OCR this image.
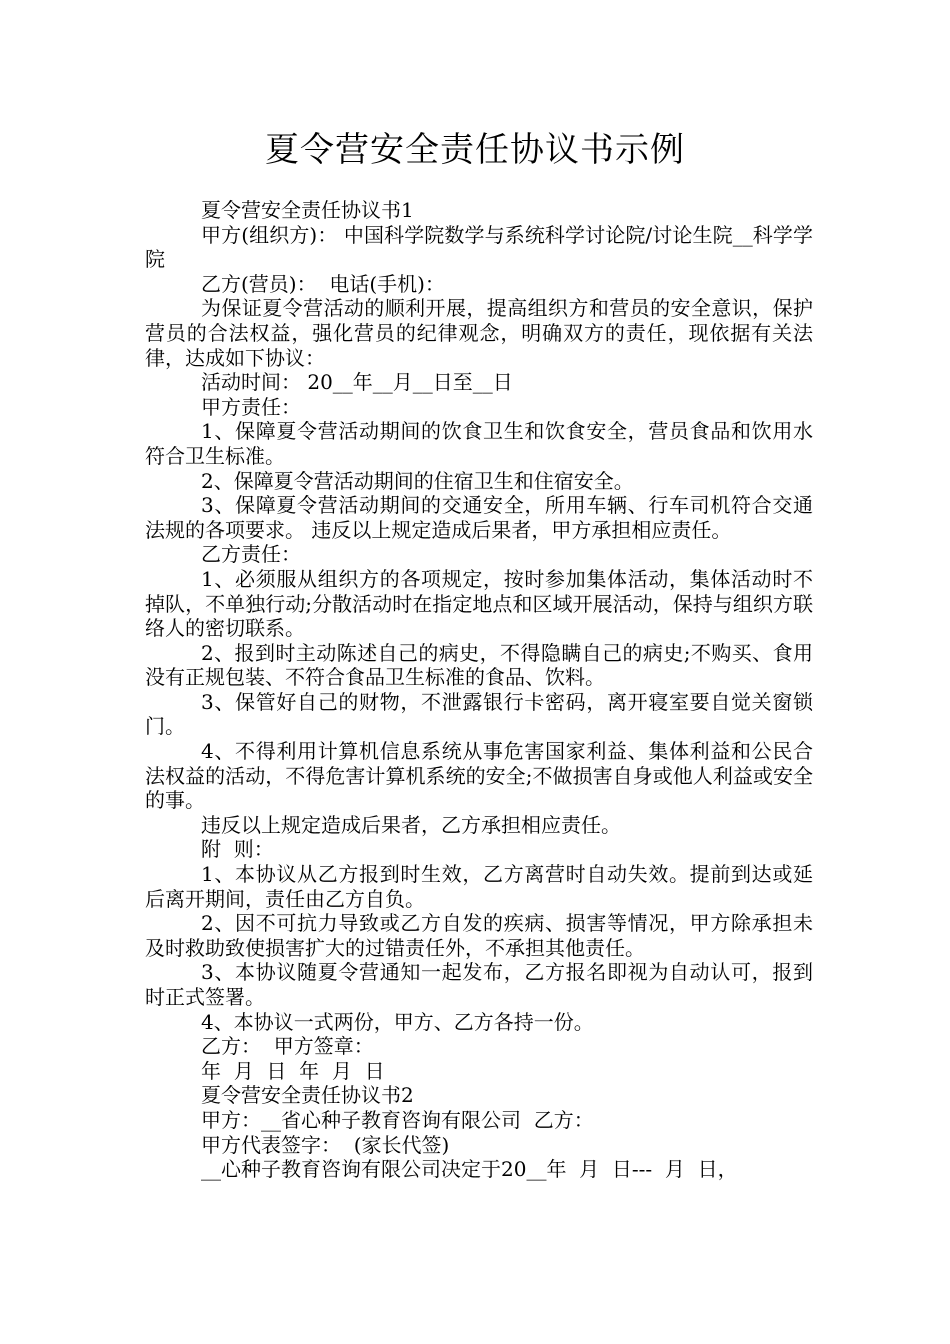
夏令营安全责任协议书示例

夏令营安全责任协议书1

甲方(组织方)： 中国科学院数学与系统科学讨论院/讨论生院__科学学院

乙方(营员)：  电话(手机)：

为保证夏令营活动的顺利开展，提高组织方和营员的安全意识，保护营员的合法权益，强化营员的纪律观念，明确双方的责任，现依据有关法律，达成如下协议：

活动时间： 20__年__月__日至__日

甲方责任：

1、保障夏令营活动期间的饮食卫生和饮食安全，营员食品和饮用水符合卫生标准。

2、保障夏令营活动期间的住宿卫生和住宿安全。

3、保障夏令营活动期间的交通安全，所用车辆、行车司机符合交通法规的各项要求。 违反以上规定造成后果者，甲方承担相应责任。

乙方责任：

1、必须服从组织方的各项规定，按时参加集体活动，集体活动时不掉队，不单独行动;分散活动时在指定地点和区域开展活动，保持与组织方联络人的密切联系。

2、报到时主动陈述自己的病史，不得隐瞒自己的病史;不购买、食用没有正规包装、不符合食品卫生标准的食品、饮料。

3、保管好自己的财物，不泄露银行卡密码，离开寝室要自觉关窗锁门。

4、不得利用计算机信息系统从事危害国家利益、集体利益和公民合法权益的活动，不得危害计算机系统的安全;不做损害自身或他人利益或安全的事。

违反以上规定造成后果者，乙方承担相应责任。

附  则：

1、本协议从乙方报到时生效，乙方离营时自动失效。提前到达或延后离开期间，责任由乙方自负。

2、因不可抗力导致或乙方自发的疾病、损害等情况，甲方除承担未及时救助致使损害扩大的过错责任外，不承担其他责任。

3、本协议随夏令营通知一起发布，乙方报名即视为自动认可，报到时正式签署。

4、本协议一式两份，甲方、乙方各持一份。

乙方：  甲方签章：

年  月  日  年  月  日

夏令营安全责任协议书2

甲方：__省心种子教育咨询有限公司  乙方：

甲方代表签字：  (家长代签)

__心种子教育咨询有限公司决定于20__年  月  日---  月  日，
